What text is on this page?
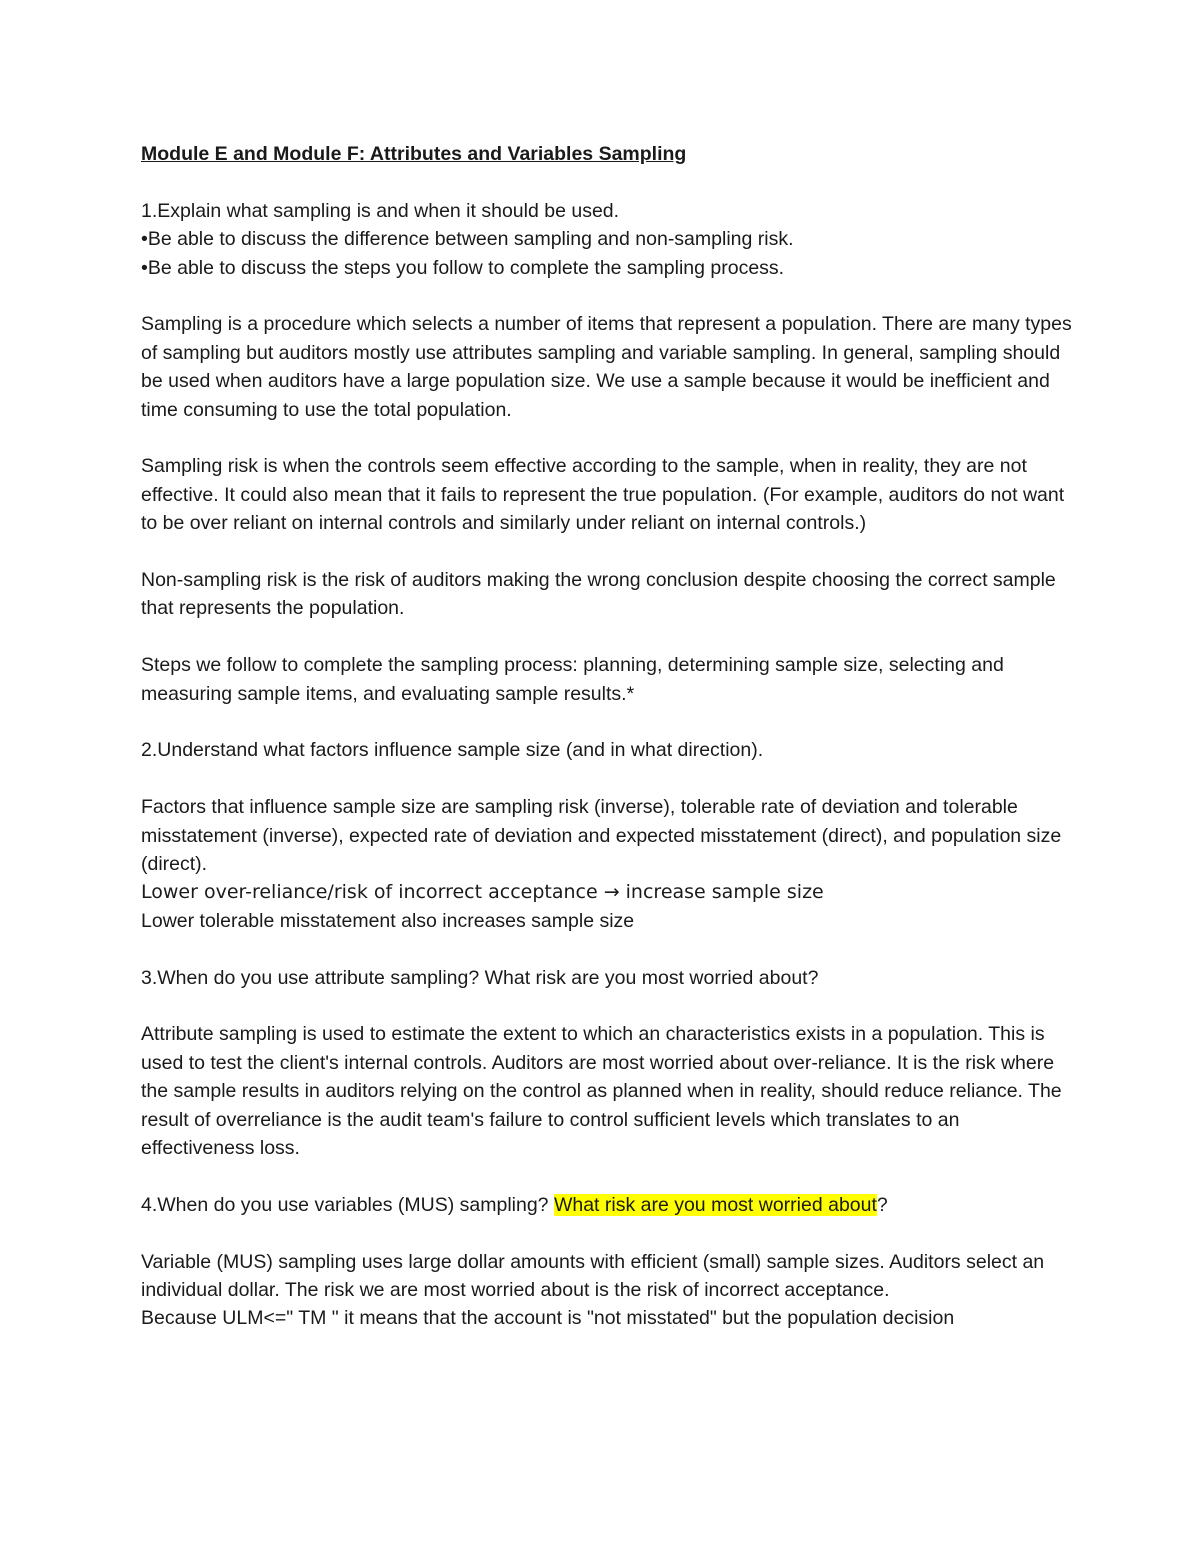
Module E and Module F: Attributes and Variables Sampling
1.Explain what sampling is and when it should be used.
•Be able to discuss the difference between sampling and non-sampling risk.
•Be able to discuss the steps you follow to complete the sampling process.
Sampling is a procedure which selects a number of items that represent a population. There are many types of sampling but auditors mostly use attributes sampling and variable sampling. In general, sampling should be used when auditors have a large population size. We use a sample because it would be inefficient and time consuming to use the total population.
Sampling risk is when the controls seem effective according to the sample, when in reality, they are not effective. It could also mean that it fails to represent the true population. (For example, auditors do not want to be over reliant on internal controls and similarly under reliant on internal controls.)
Non-sampling risk is the risk of auditors making the wrong conclusion despite choosing the correct sample that represents the population.
Steps we follow to complete the sampling process: planning, determining sample size, selecting and measuring sample items, and evaluating sample results.*
2.Understand what factors influence sample size (and in what direction).
Factors that influence sample size are sampling risk (inverse), tolerable rate of deviation and tolerable misstatement (inverse), expected rate of deviation and expected misstatement (direct), and population size (direct).
Lower over-reliance/risk of incorrect acceptance → increase sample size
Lower tolerable misstatement also increases sample size
3.When do you use attribute sampling? What risk are you most worried about?
Attribute sampling is used to estimate the extent to which an characteristics exists in a population. This is used to test the client's internal controls. Auditors are most worried about over-reliance. It is the risk where the sample results in auditors relying on the control as planned when in reality, should reduce reliance. The result of overreliance is the audit team's failure to control sufficient levels which translates to an effectiveness loss.
4.When do you use variables (MUS) sampling? What risk are you most worried about?
Variable (MUS) sampling uses large dollar amounts with efficient (small) sample sizes. Auditors select an individual dollar. The risk we are most worried about is the risk of incorrect acceptance.
Because ULM<=" TM " it means that the account is "not misstated" but the population decision
